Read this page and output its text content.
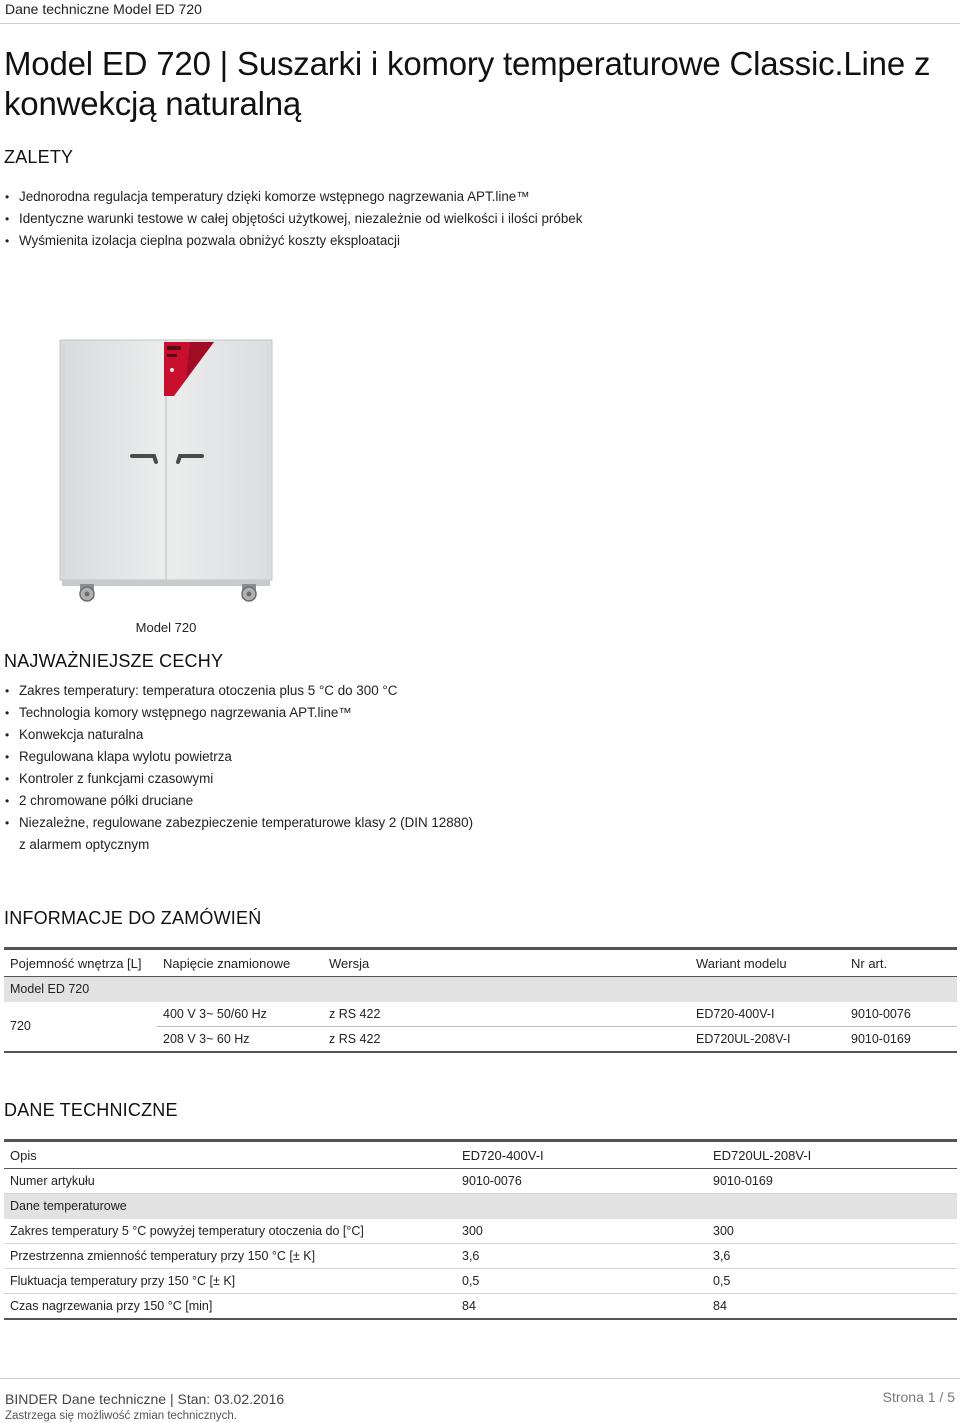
Dane techniczne Model ED 720
Model ED 720 | Suszarki i komory temperaturowe Classic.Line z konwekcją naturalną
ZALETY
• Jednorodna regulacja temperatury dzięki komorze wstępnego nagrzewania APT.line™
• Identyczne warunki testowe w całej objętości użytkowej, niezależnie od wielkości i ilości próbek
• Wyśmienita izolacja cieplna pozwala obniżyć koszty eksploatacji
Model 720
NAJWAŻNIEJSZE CECHY
• Zakres temperatury: temperatura otoczenia plus 5 °C do 300 °C
• Technologia komory wstępnego nagrzewania APT.line™
• Konwekcja naturalna
• Regulowana klapa wylotu powietrza
• Kontroler z funkcjami czasowymi
• 2 chromowane półki druciane
• Niezależne, regulowane zabezpieczenie temperaturowe klasy 2 (DIN 12880) z alarmem optycznym
INFORMACJE DO ZAMÓWIEŃ
Pojemność wnętrza [L]	Napięcie znamionowe	Wersja	Wariant modelu	Nr art.
Model ED 720				
720	400 V 3~ 50/60 Hz	z RS 422	ED720-400V-I	9010-0076
	208 V 3~ 60 Hz	z RS 422	ED720UL-208V-I	9010-0169
DANE TECHNICZNE
Opis	ED720-400V-I	ED720UL-208V-I
Numer artykułu	9010-0076	9010-0169
Dane temperaturowe		
Zakres temperatury 5 °C powyżej temperatury otoczenia do [°C]	300	300
Przestrzenna zmienność temperatury przy 150 °C [± K]	3,6	3,6
Fluktuacja temperatury przy 150 °C [± K]	0,5	0,5
Czas nagrzewania przy 150 °C [min]	84	84
BINDER Dane techniczne | Stan: 03.02.2016
Zastrzega się możliwość zmian technicznych.
Strona 1 / 5
